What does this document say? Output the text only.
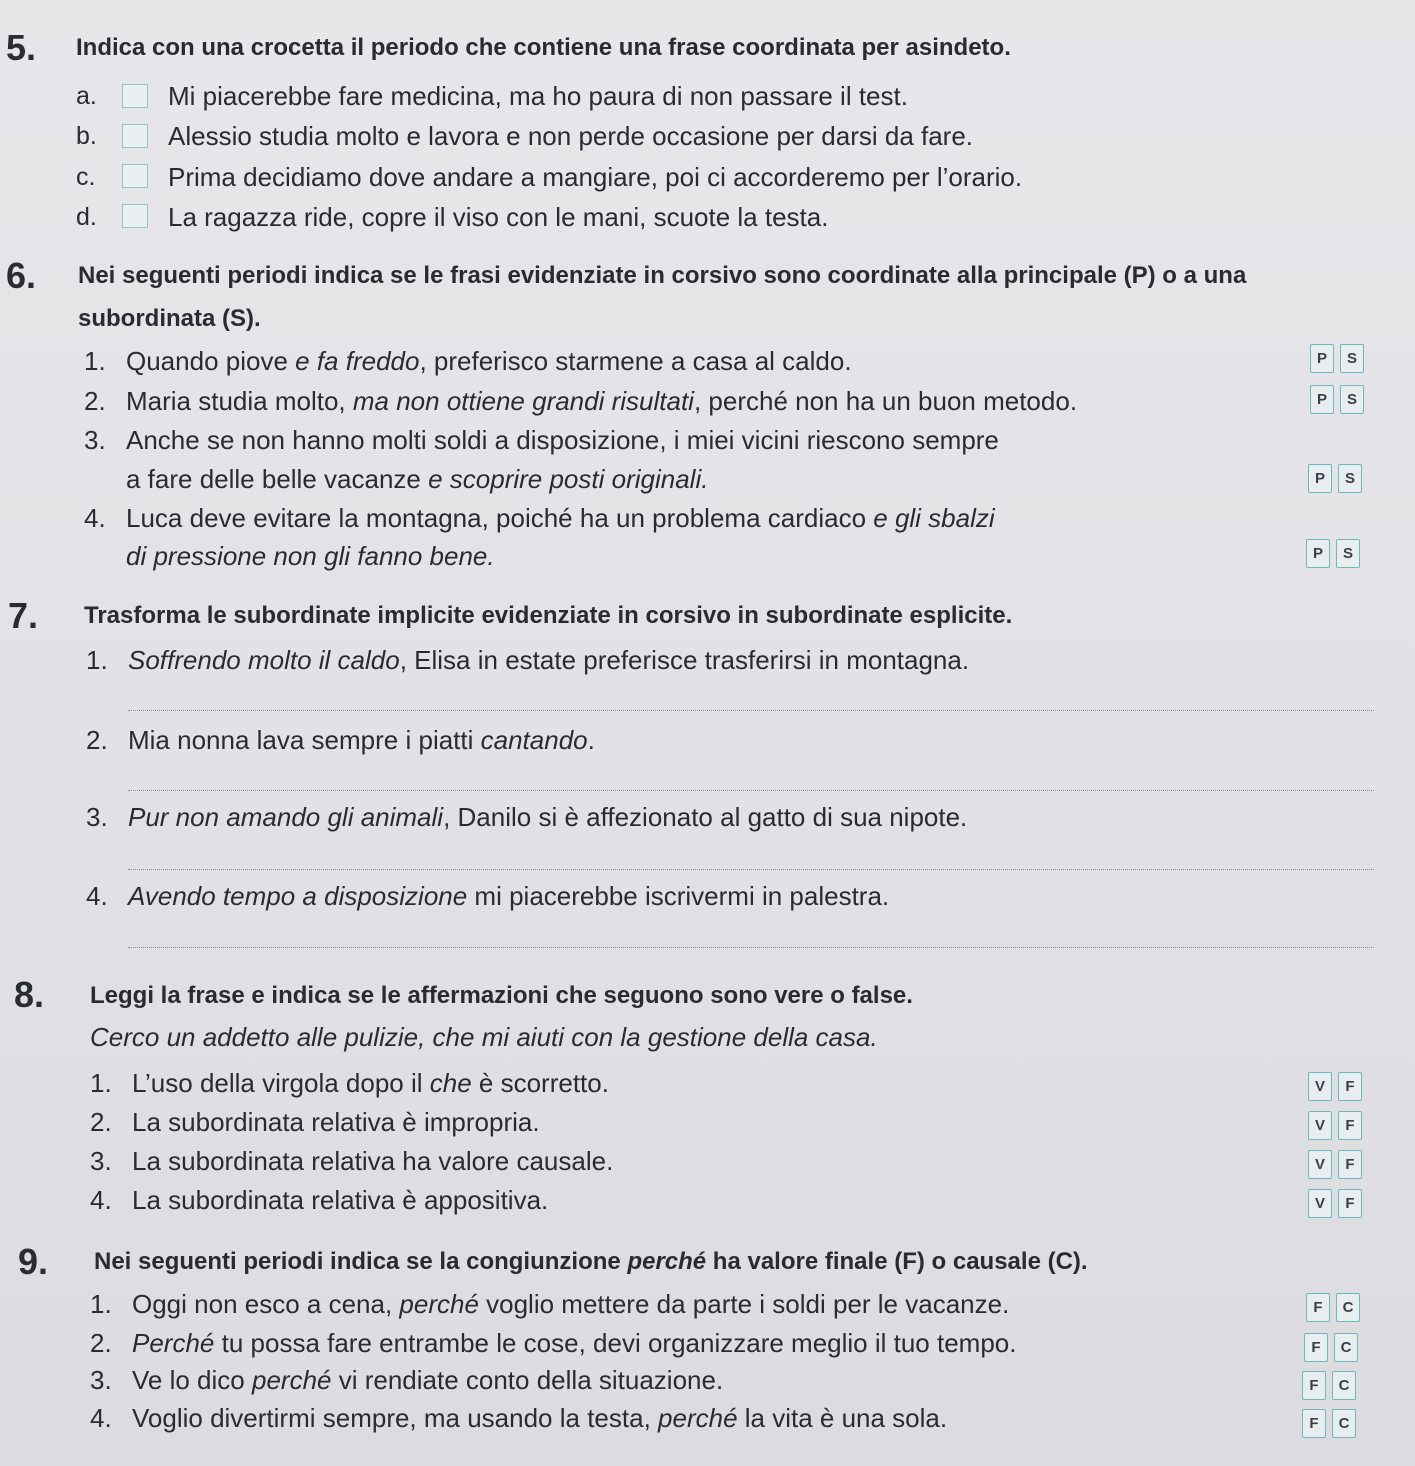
5. Indica con una crocetta il periodo che contiene una frase coordinata per asindeto.
a.	Mi piacerebbe fare medicina, ma ho paura di non passare il test.
b.	Alessio studia molto e lavora e non perde occasione per darsi da fare.
c.	Prima decidiamo dove andare a mangiare, poi ci accorderemo per l’orario.
d.	La ragazza ride, copre il viso con le mani, scuote la testa.
6. Nei seguenti periodi indica se le frasi evidenziate in corsivo sono coordinate alla principale (P) o a una
subordinata (S).
1. Quando piove e fa freddo, preferisco starmene a casa al caldo.	P	S
2. Maria studia molto, ma non ottiene grandi risultati, perché non ha un buon metodo.	P	S
3. Anche se non hanno molti soldi a disposizione, i miei vicini riescono sempre
a fare delle belle vacanze e scoprire posti originali.	P	S
4. Luca deve evitare la montagna, poiché ha un problema cardiaco e gli sbalzi
di pressione non gli fanno bene.	P	S
7. Trasforma le subordinate implicite evidenziate in corsivo in subordinate esplicite.
1. Soffrendo molto il caldo, Elisa in estate preferisce trasferirsi in montagna.
2. Mia nonna lava sempre i piatti cantando.
3. Pur non amando gli animali, Danilo si è affezionato al gatto di sua nipote.
4. Avendo tempo a disposizione mi piacerebbe iscrivermi in palestra.
8. Leggi la frase e indica se le affermazioni che seguono sono vere o false.
Cerco un addetto alle pulizie, che mi aiuti con la gestione della casa.
1. L’uso della virgola dopo il che è scorretto.	V	F
2. La subordinata relativa è impropria.	V	F
3. La subordinata relativa ha valore causale.	V	F
4. La subordinata relativa è appositiva.	V	F
9. Nei seguenti periodi indica se la congiunzione perché ha valore finale (F) o causale (C).
1. Oggi non esco a cena, perché voglio mettere da parte i soldi per le vacanze.	F	C
2. Perché tu possa fare entrambe le cose, devi organizzare meglio il tuo tempo.	F	C
3. Ve lo dico perché vi rendiate conto della situazione.	F	C
4. Voglio divertirmi sempre, ma usando la testa, perché la vita è una sola.	F	C
